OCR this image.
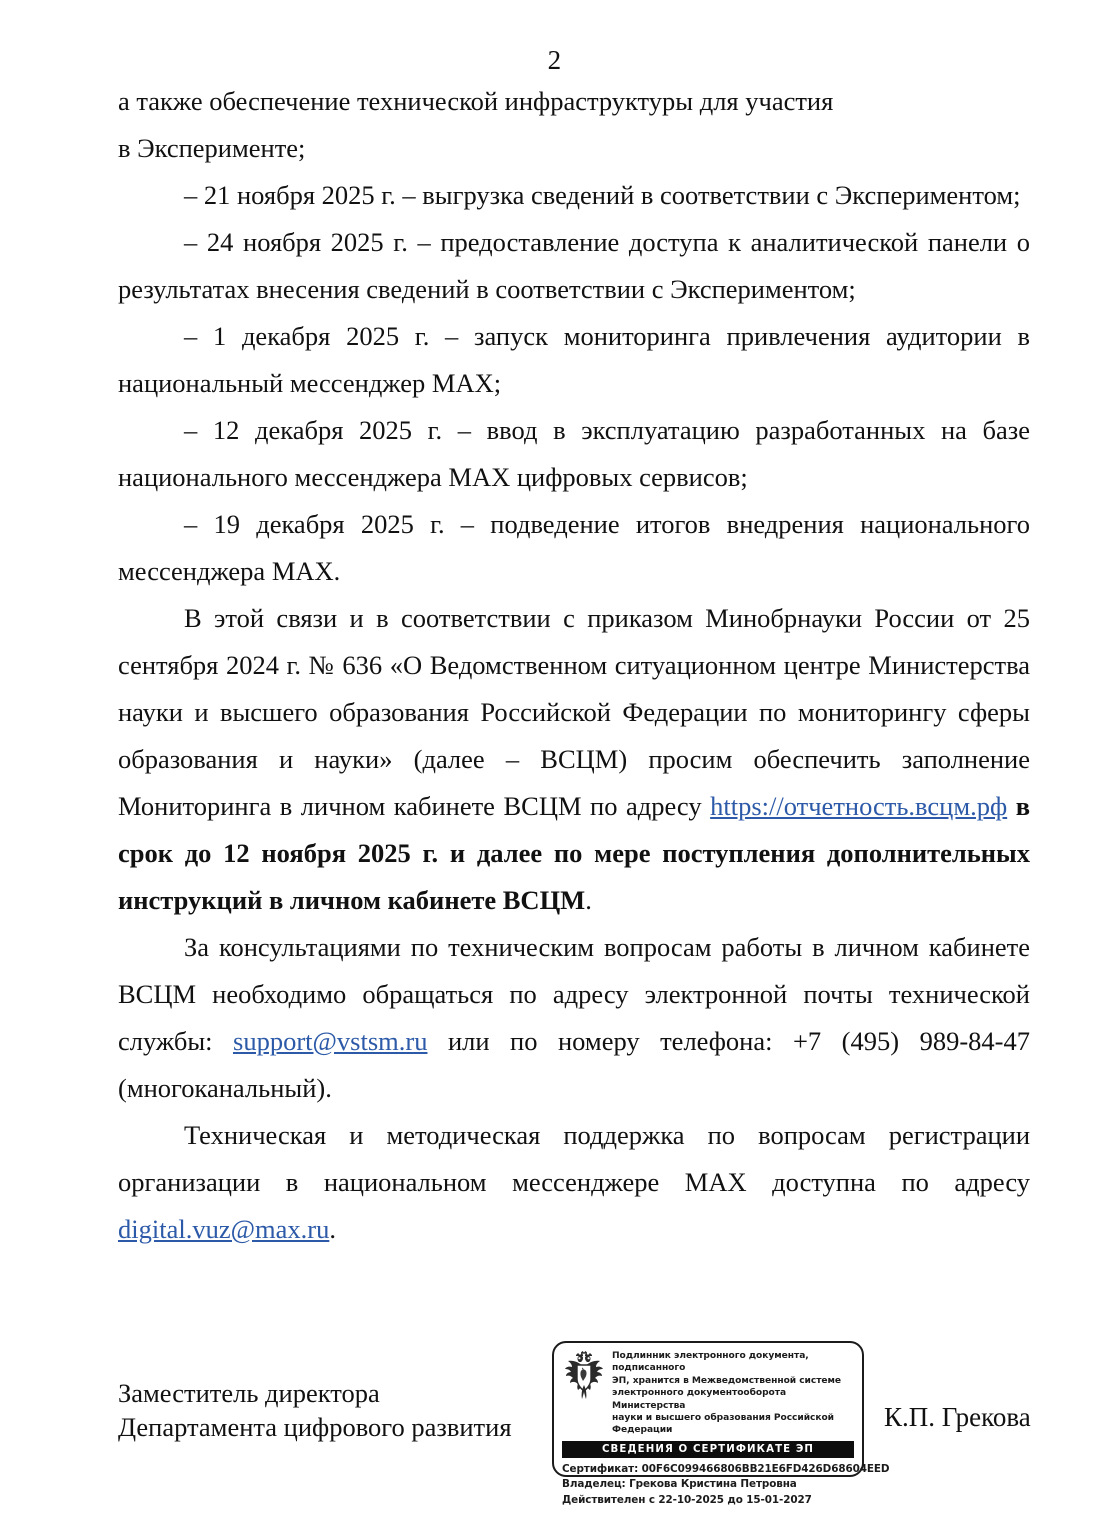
2

а также обеспечение технической инфраструктуры для участия

в Эксперименте;

– 21 ноября 2025 г. – выгрузка сведений в соответствии с Экспериментом;

– 24 ноября 2025 г. – предоставление доступа к аналитической панели о результатах внесения сведений в соответствии с Экспериментом;

– 1 декабря 2025 г. – запуск мониторинга привлечения аудитории в национальный мессенджер MAX;

– 12 декабря 2025 г. – ввод в эксплуатацию разработанных на базе национального мессенджера MAX цифровых сервисов;

– 19 декабря 2025 г. – подведение итогов внедрения национального мессенджера MAX.

В этой связи и в соответствии с приказом Минобрнауки России от 25 сентября 2024 г. № 636 «О Ведомственном ситуационном центре Министерства науки и высшего образования Российской Федерации по мониторингу сферы образования и науки» (далее – ВСЦМ) просим обеспечить заполнение Мониторинга в личном кабинете ВСЦМ по адресу https://отчетность.всцм.рф в срок до 12 ноября 2025 г. и далее по мере поступления дополнительных инструкций в личном кабинете ВСЦМ.

За консультациями по техническим вопросам работы в личном кабинете ВСЦМ необходимо обращаться по адресу электронной почты технической службы: support@vstsm.ru или по номеру телефона: +7 (495) 989-84-47 (многоканальный).

Техническая и методическая поддержка по вопросам регистрации организации в национальном мессенджере MAX доступна по адресу digital.vuz@max.ru.

Заместитель директора
Департамента цифрового развития	К.П. Грекова
Подлинник электронного документа, подписанного
ЭП, хранится в Межведомственной системе
электронного документооборота Министерства
науки и высшего образования Российской Федерации
СВЕДЕНИЯ О СЕРТИФИКАТЕ ЭП
Сертификат: 00F6C099466806BB21E6FD426D68604EED
Владелец: Грекова Кристина Петровна
Действителен с 22-10-2025 до 15-01-2027
